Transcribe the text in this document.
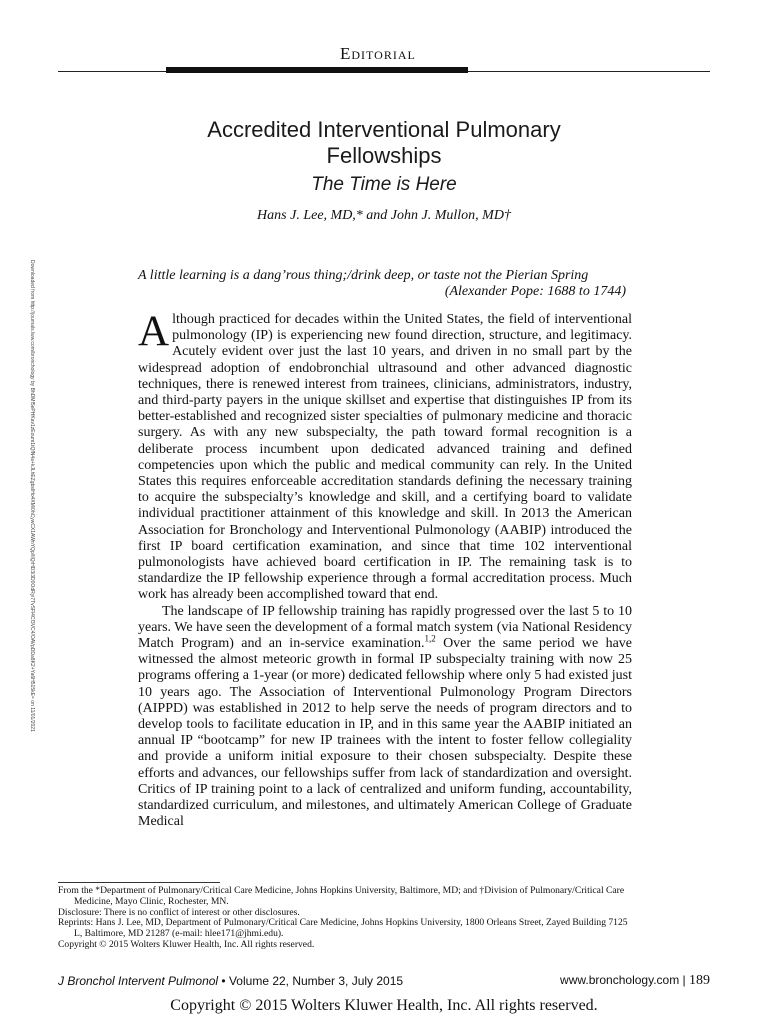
Downloaded from http://journals.lww.com/bronchology by BhDMf5ePHKav1zEoum1tQfN4a+kJLhEZgbsIHo4XMi0hCywCX1AWnYQp/IlQrHD3i3D0OdRyi7TvSFl4Cf3VC4/OAVpDDa8K2+Ya6H515kE= on 11/01/2021
Editorial
Accredited Interventional Pulmonary
Fellowships
The Time is Here
Hans J. Lee, MD,* and John J. Mullon, MD†
A little learning is a dang’rous thing;/drink deep, or taste not the Pierian Spring
(Alexander Pope: 1688 to 1744)

Although practiced for decades within the United States, the field of interventional pulmonology (IP) is experiencing new found direction, structure, and legitimacy. Acutely evident over just the last 10 years, and driven in no small part by the widespread adoption of endobronchial ultrasound and other advanced diagnostic techniques, there is renewed interest from trainees, clinicians, administrators, industry, and third-party payers in the unique skillset and expertise that distinguishes IP from its better-established and recognized sister specialties of pulmonary medicine and thoracic surgery. As with any new subspecialty, the path toward formal recognition is a deliberate process incumbent upon dedicated advanced training and defined competencies upon which the public and medical community can rely. In the United States this requires enforceable accreditation standards defining the necessary training to acquire the subspecialty’s knowledge and skill, and a certifying board to validate individual practitioner attainment of this knowledge and skill. In 2013 the American Association for Bronchology and Interventional Pulmonology (AABIP) introduced the first IP board certification examination, and since that time 102 interventional pulmonologists have achieved board certification in IP. The remaining task is to standardize the IP fellowship experience through a formal accreditation process. Much work has already been accomplished toward that end.

The landscape of IP fellowship training has rapidly progressed over the last 5 to 10 years. We have seen the development of a formal match system (via National Residency Match Program) and an in-service examination.$^{1,2}$ Over the same period we have witnessed the almost meteoric growth in formal IP subspecialty training with now 25 programs offering a 1-year (or more) dedicated fellowship where only 5 had existed just 10 years ago. The Association of Interventional Pulmonology Program Directors (AIPPD) was established in 2012 to help serve the needs of program directors and to develop tools to facilitate education in IP, and in this same year the AABIP initiated an annual IP “bootcamp” for new IP trainees with the intent to foster fellow collegiality and provide a uniform initial exposure to their chosen subspecialty. Despite these efforts and advances, our fellowships suffer from lack of standardization and oversight. Critics of IP training point to a lack of centralized and uniform funding, accountability, standardized curriculum, and milestones, and ultimately American College of Graduate Medical

From the *Department of Pulmonary/Critical Care Medicine, Johns Hopkins University, Baltimore, MD; and †Division of Pulmonary/Critical Care
Medicine, Mayo Clinic, Rochester, MN.
Disclosure: There is no conflict of interest or other disclosures.
Reprints: Hans J. Lee, MD, Department of Pulmonary/Critical Care Medicine, Johns Hopkins University, 1800 Orleans Street, Zayed Building 7125
L, Baltimore, MD 21287 (e-mail: hlee171@jhmi.edu).
Copyright © 2015 Wolters Kluwer Health, Inc. All rights reserved.
J Bronchol Intervent Pulmonol • Volume 22, Number 3, July 2015	www.bronchology.com | 189
Copyright © 2015 Wolters Kluwer Health, Inc. All rights reserved.
